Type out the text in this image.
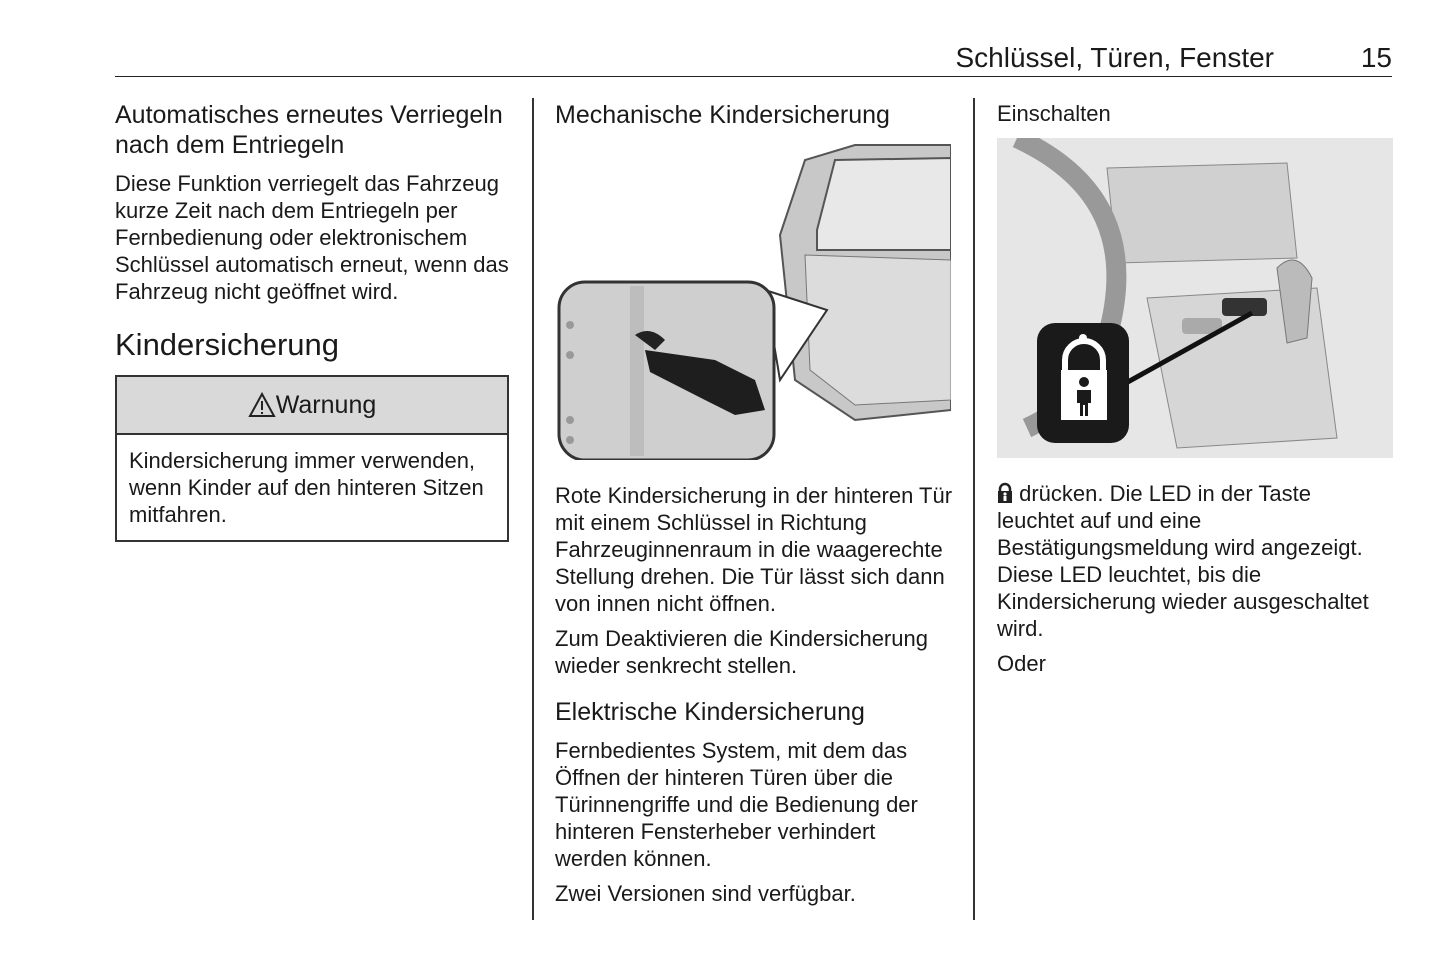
Schlüssel, Türen, Fenster	15
Automatisches erneutes Verriegeln nach dem Entriegeln

Diese Funktion verriegelt das Fahrzeug kurze Zeit nach dem Entriegeln per Fernbedienung oder elektronischem Schlüssel automatisch erneut, wenn das Fahrzeug nicht geöffnet wird.

Kindersicherung
Warnung

Kindersicherung immer verwenden, wenn Kinder auf den hinteren Sitzen mitfahren.

Mechanische Kindersicherung

Rote Kindersicherung in der hinteren Tür mit einem Schlüssel in Richtung Fahrzeuginnenraum in die waagerechte Stellung drehen. Die Tür lässt sich dann von innen nicht öffnen.

Zum Deaktivieren die Kindersicherung wieder senkrecht stellen.

Elektrische Kindersicherung

Fernbedientes System, mit dem das Öffnen der hinteren Türen über die Türinnengriffe und die Bedienung der hinteren Fensterheber verhindert werden können.

Zwei Versionen sind verfügbar.

Einschalten

drücken. Die LED in der Taste leuchtet auf und eine Bestätigungsmeldung wird angezeigt. Diese LED leuchtet, bis die Kindersicherung wieder ausgeschaltet wird.

Oder
